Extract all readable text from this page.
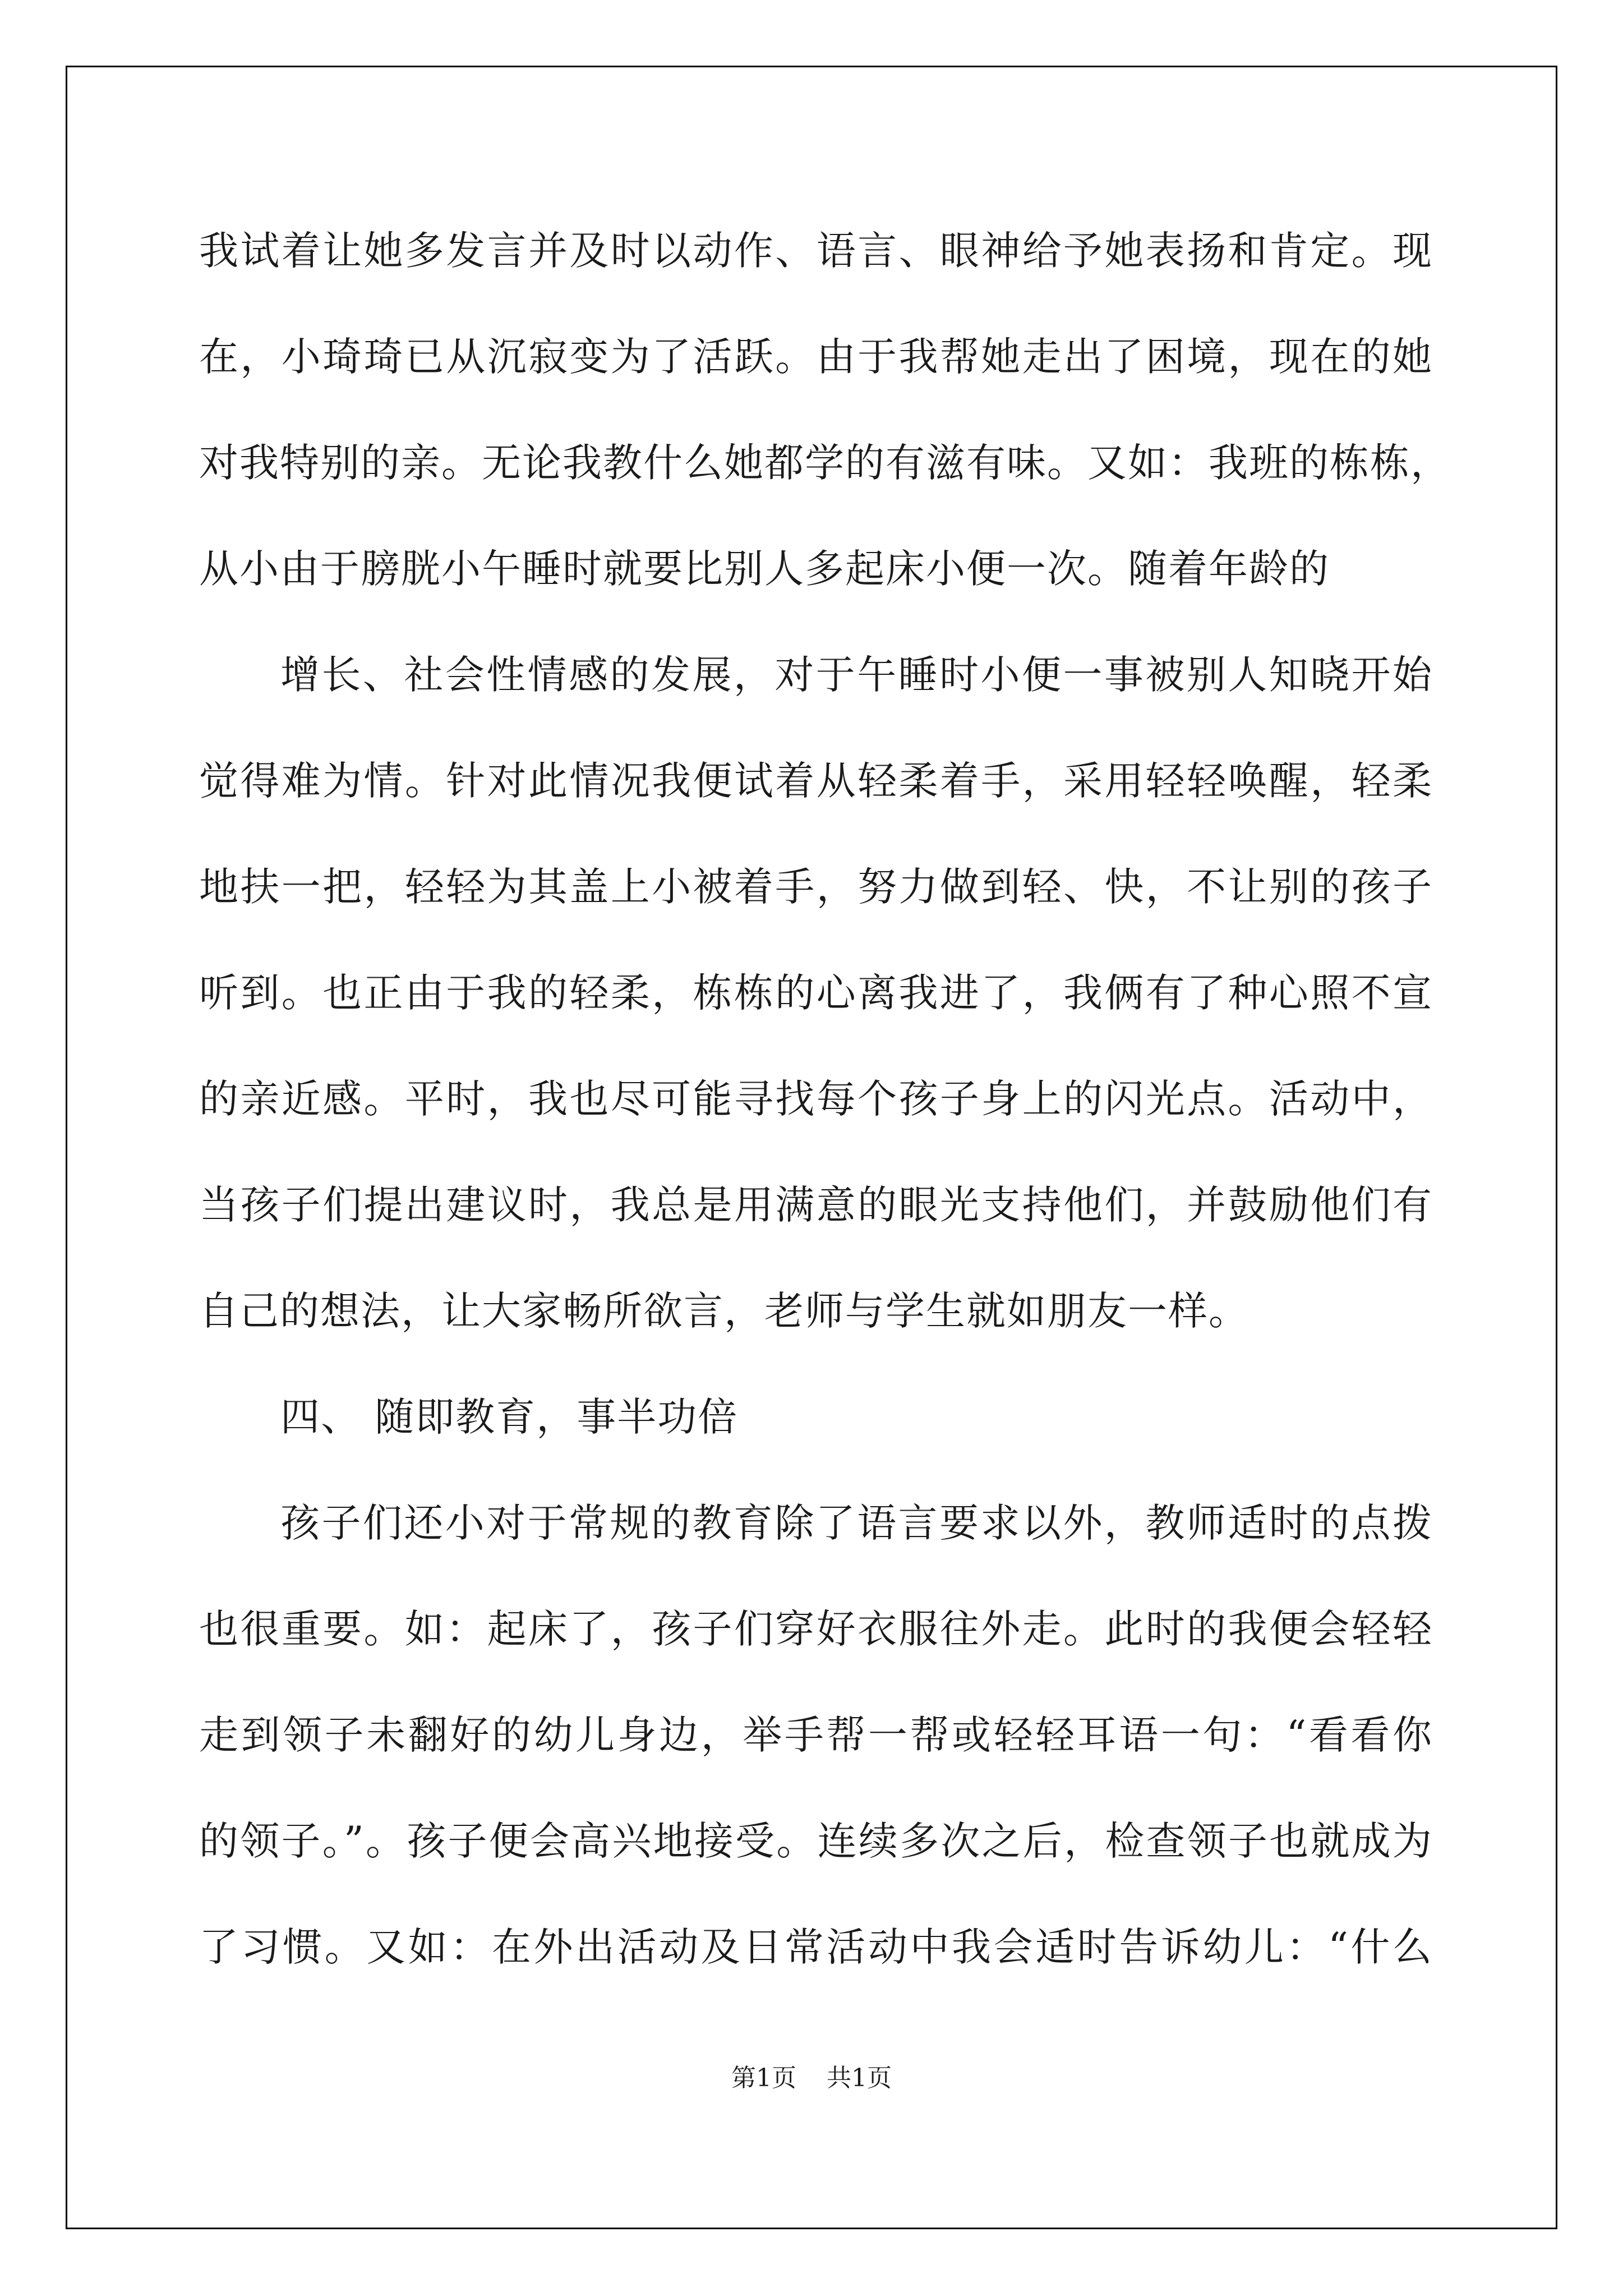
我试着让她多发言并及时以动作、语言、眼神给予她表扬和肯定。现
在，小琦琦已从沉寂变为了活跃。由于我帮她走出了困境，现在的她
对我特别的亲。无论我教什么她都学的有滋有味。又如：我班的栋栋，
从小由于膀胱小午睡时就要比别人多起床小便一次。随着年龄的
增长、社会性情感的发展，对于午睡时小便一事被别人知晓开始
觉得难为情。针对此情况我便试着从轻柔着手，采用轻轻唤醒，轻柔
地扶一把，轻轻为其盖上小被着手，努力做到轻、快，不让别的孩子
听到。也正由于我的轻柔，栋栋的心离我进了，我俩有了种心照不宣
的亲近感。平时，我也尽可能寻找每个孩子身上的闪光点。活动中，
当孩子们提出建议时，我总是用满意的眼光支持他们，并鼓励他们有
自己的想法，让大家畅所欲言，老师与学生就如朋友一样。
四、 随即教育，事半功倍
孩子们还小对于常规的教育除了语言要求以外，教师适时的点拨
也很重要。如：起床了，孩子们穿好衣服往外走。此时的我便会轻轻
走到领子未翻好的幼儿身边，举手帮一帮或轻轻耳语一句：“看看你
的领子。”。孩子便会高兴地接受。连续多次之后，检查领子也就成为
了习惯。又如：在外出活动及日常活动中我会适时告诉幼儿：“什么
第1页 共1页
